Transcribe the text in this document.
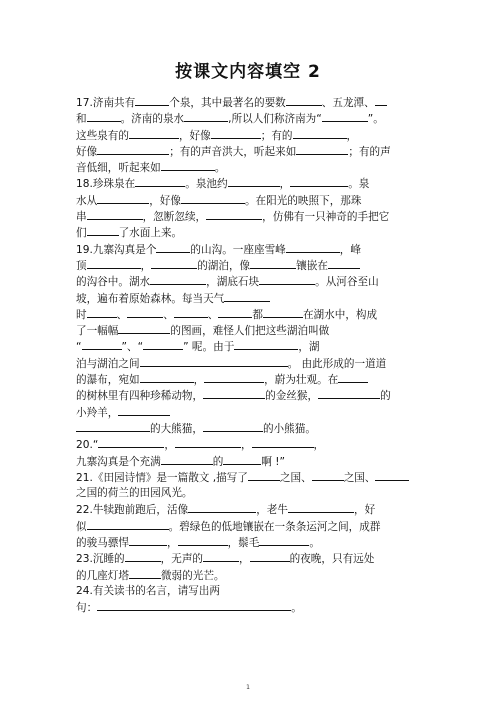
按课文内容填空 2
17.济南共有	个泉，其中最著名的要数	、五龙潭、
和	。济南的泉水	,所以人们称济南为“	”。
这些泉有的	，好像	；有的	，
好像	；有的声音洪大，听起来如	；有的声
音低细，听起来如	。
18.珍珠泉在	。泉池约	，	。泉
水从	，好像	。在阳光的映照下，那珠
串	，忽断忽续，	，仿佛有一只神奇的手把它
们	了水面上来。
19.九寨沟真是个	的山沟。一座座雪峰	，峰
顶	，	的湖泊，像	镶嵌在
的沟谷中。湖水	，湖底石块	。从河谷至山
坡，遍布着原始森林。每当天气
时	、	、	、	都	在湖水中，构成
了一幅幅	的图画，难怪人们把这些湖泊叫做
“	”、“	” 呢。由于	，湖
泊与湖泊之间	。 由此形成的一道道
的瀑布，宛如	，	，蔚为壮观。在
的树林里有四种珍稀动物，	的金丝猴，	的
小羚羊，
的大熊猫，	的小熊猫。
20.“	，	，	，
九寨沟真是个充满	的	啊 !”
21.《田园诗情》是一篇散文 ,描写了	之国、	之国、
之国的荷兰的田园风光。
22.牛犊跑前跑后，活像	，老牛	，好
似	。碧绿色的低地镶嵌在一条条运河之间，成群
的骏马骠悍	，	，鬃毛	。
23.沉睡的	，无声的	，	的夜晚，只有远处
的几座灯塔	微弱的光芒。
24.有关读书的名言，请写出两
句：	。
1
